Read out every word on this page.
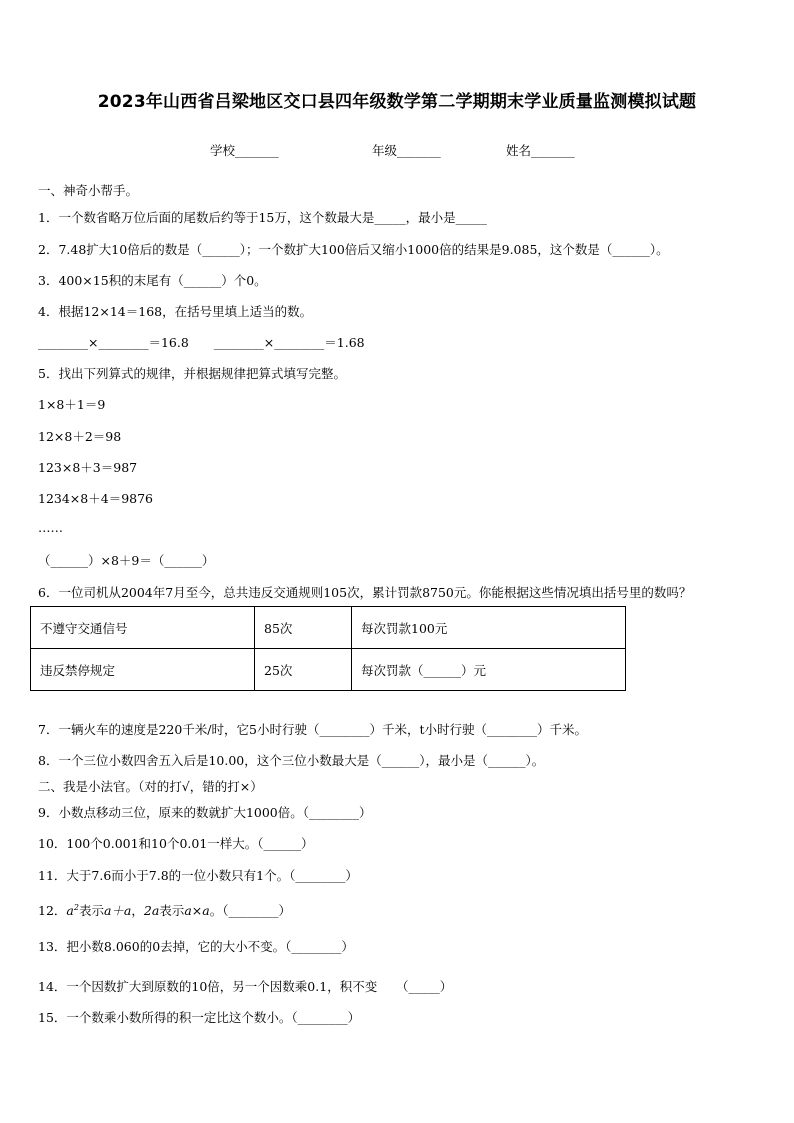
2023年山西省吕梁地区交口县四年级数学第二学期期末学业质量监测模拟试题
学校_______	年级_______	姓名_______
一、神奇小帮手。
1．一个数省略万位后面的尾数后约等于15万，这个数最大是_____，最小是_____
2．7.48扩大10倍后的数是（______）；一个数扩大100倍后又缩小1000倍的结果是9.085，这个数是（______）。
3．400×15积的末尾有（______）个0。
4．根据12×14＝168，在括号里填上适当的数。
________×________＝16.8　　________×________＝1.68
5．找出下列算式的规律，并根据规律把算式填写完整。
1×8＋1＝9
12×8＋2＝98
123×8＋3＝987
1234×8＋4＝9876
……
（______）×8＋9＝（______）
6．一位司机从2004年7月至今，总共违反交通规则105次，累计罚款8750元。你能根据这些情况填出括号里的数吗？
不遵守交通信号	85次	每次罚款100元
违反禁停规定	25次	每次罚款（______）元
7．一辆火车的速度是220千米/时，它5小时行驶（________）千米，t小时行驶（________）千米。
8．一个三位小数四舍五入后是10.00，这个三位小数最大是（______），最小是（______）。
二、我是小法官。（对的打√，错的打×）
9．小数点移动三位，原来的数就扩大1000倍。（________）
10．100个0.001和10个0.01一样大。（______）
11．大于7.6而小于7.8的一位小数只有1个。（________）
12．$a^2$表示a＋a，2a表示a×a。（________）
13．把小数8.060的0去掉，它的大小不变。（________）
14．一个因数扩大到原数的10倍，另一个因数乘0.1，积不变　　（_____）
15．一个数乘小数所得的积一定比这个数小。（________）
